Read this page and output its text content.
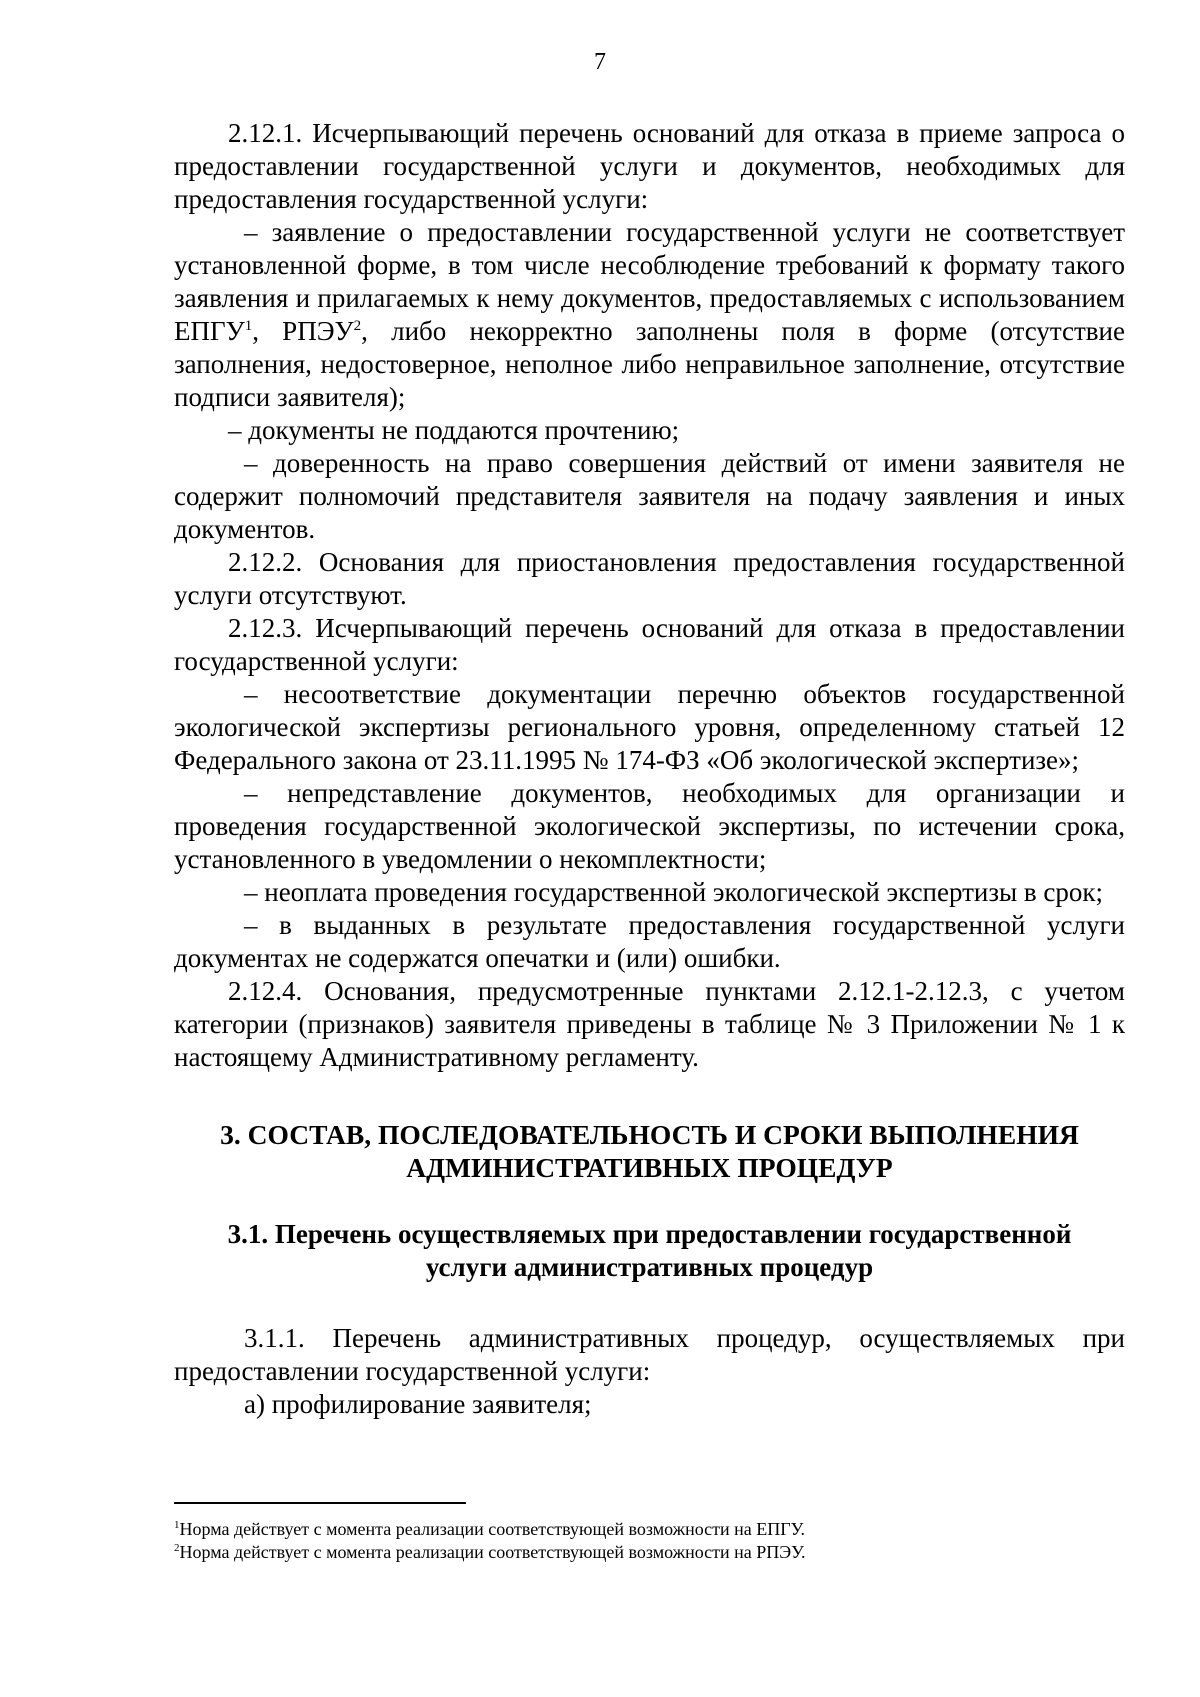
7

2.12.1. Исчерпывающий перечень оснований для отказа в приеме запроса о предоставлении государственной услуги и документов, необходимых для предоставления государственной услуги:

– заявление о предоставлении государственной услуги не соответствует установленной форме, в том числе несоблюдение требований к формату такого заявления и прилагаемых к нему документов, предоставляемых с использованием ЕПГУ$^1$, РПЭУ$^2$, либо некорректно заполнены поля в форме (отсутствие заполнения, недостоверное, неполное либо неправильное заполнение, отсутствие подписи заявителя);

– документы не поддаются прочтению;

– доверенность на право совершения действий от имени заявителя не содержит полномочий представителя заявителя на подачу заявления и иных документов.

2.12.2. Основания для приостановления предоставления государственной услуги отсутствуют.

2.12.3. Исчерпывающий перечень оснований для отказа в предоставлении государственной услуги:

– несоответствие документации перечню объектов государственной экологической экспертизы регионального уровня, определенному статьей 12 Федерального закона от 23.11.1995 № 174-ФЗ «Об экологической экспертизе»;

– непредставление документов, необходимых для организации и проведения государственной экологической экспертизы, по истечении срока, установленного в уведомлении о некомплектности;

– неоплата проведения государственной экологической экспертизы в срок;

– в выданных в результате предоставления государственной услуги документах не содержатся опечатки и (или) ошибки.

2.12.4. Основания, предусмотренные пунктами 2.12.1-2.12.3, с учетом категории (признаков) заявителя приведены в таблице № 3 Приложении № 1 к настоящему Административному регламенту.

3. СОСТАВ, ПОСЛЕДОВАТЕЛЬНОСТЬ И СРОКИ ВЫПОЛНЕНИЯ
АДМИНИСТРАТИВНЫХ ПРОЦЕДУР
3.1. Перечень осуществляемых при предоставлении государственной
услуги административных процедур

3.1.1. Перечень административных процедур, осуществляемых при предоставлении государственной услуги:

а) профилирование заявителя;

$^1$Норма действует с момента реализации соответствующей возможности на ЕПГУ.
$^2$Норма действует с момента реализации соответствующей возможности на РПЭУ.
